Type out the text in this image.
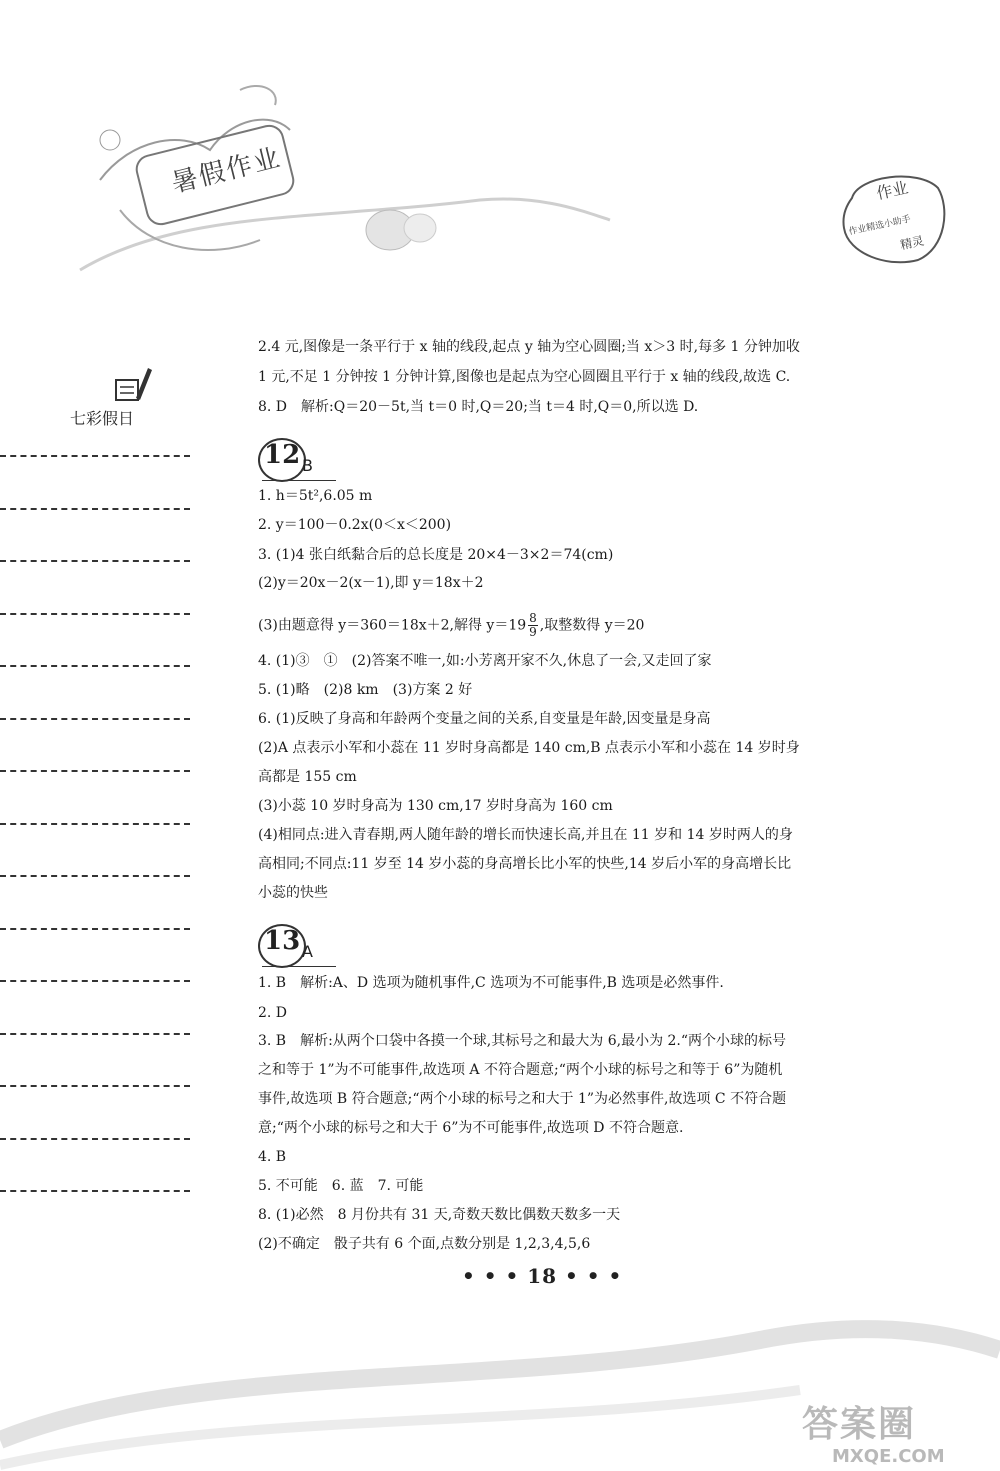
暑假作业	作业
作业精选小助手
精灵
七彩假日
2.4 元,图像是一条平行于 x 轴的线段,起点 y 轴为空心圆圈;当 x＞3 时,每多 1 分钟加收
1 元,不足 1 分钟按 1 分钟计算,图像也是起点为空心圆圈且平行于 x 轴的线段,故选 C.
8. D　解析:Q＝20－5t,当 t＝0 时,Q＝20;当 t＝4 时,Q＝0,所以选 D.
12 B
1. h＝5t²,6.05 m
2. y＝100－0.2x(0＜x＜200)
3. (1)4 张白纸黏合后的总长度是 20×4－3×2＝74(cm)
(2)y＝20x－2(x－1),即 y＝18x＋2
(3)由题意得 y＝360＝18x＋2,解得 $y=19 \frac{8}{9}$ ,取整数得 y＝20
4. (1)③　①　(2)答案不唯一,如:小芳离开家不久,休息了一会,又走回了家
5. (1)略　(2)8 km　(3)方案 2 好
6. (1)反映了身高和年龄两个变量之间的关系,自变量是年龄,因变量是身高
(2)A 点表示小军和小蕊在 11 岁时身高都是 140 cm,B 点表示小军和小蕊在 14 岁时身
高都是 155 cm
(3)小蕊 10 岁时身高为 130 cm,17 岁时身高为 160 cm
(4)相同点:进入青春期,两人随年龄的增长而快速长高,并且在 11 岁和 14 岁时两人的身
高相同;不同点:11 岁至 14 岁小蕊的身高增长比小军的快些,14 岁后小军的身高增长比
小蕊的快些
13 A
1. B　解析:A、D 选项为随机事件,C 选项为不可能事件,B 选项是必然事件.
2. D
3. B　解析:从两个口袋中各摸一个球,其标号之和最大为 6,最小为 2.“两个小球的标号
之和等于 1”为不可能事件,故选项 A 不符合题意;“两个小球的标号之和等于 6”为随机
事件,故选项 B 符合题意;“两个小球的标号之和大于 1”为必然事件,故选项 C 不符合题
意;“两个小球的标号之和大于 6”为不可能事件,故选项 D 不符合题意.
4. B
5. 不可能　6. 蓝　7. 可能
8. (1)必然　8 月份共有 31 天,奇数天数比偶数天数多一天
(2)不确定　骰子共有 6 个面,点数分别是 1,2,3,4,5,6
• • • 18 • • •
答案圈
MXQE.COM
